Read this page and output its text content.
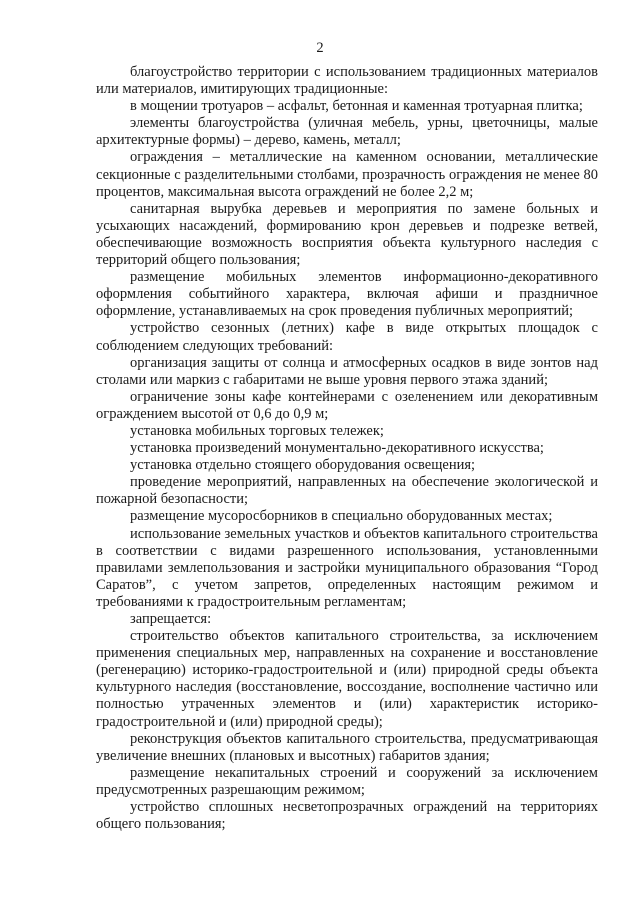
2

благоустройство территории с использованием традиционных материалов или материалов, имитирующих традиционные:

в мощении тротуаров – асфальт, бетонная и каменная тротуарная плитка;

элементы благоустройства (уличная мебель, урны, цветочницы, малые архитектурные формы) – дерево, камень, металл;

ограждения – металлические на каменном основании, металлические секционные с разделительными столбами, прозрачность ограждения не менее 80 процентов, максимальная высота ограждений не более 2,2 м;

санитарная вырубка деревьев и мероприятия по замене больных и усыхающих насаждений, формированию крон деревьев и подрезке ветвей, обеспечивающие возможность восприятия объекта культурного наследия с территорий общего пользования;

размещение мобильных элементов информационно-декоративного оформления событийного характера, включая афиши и праздничное оформление, устанавливаемых на срок проведения публичных мероприятий;

устройство сезонных (летних) кафе в виде открытых площадок с соблюдением следующих требований:

организация защиты от солнца и атмосферных осадков в виде зонтов над столами или маркиз с габаритами не выше уровня первого этажа зданий;

ограничение зоны кафе контейнерами с озеленением или декоративным ограждением высотой от 0,6 до 0,9 м;

установка мобильных торговых тележек;

установка произведений монументально-декоративного искусства;

установка отдельно стоящего оборудования освещения;

проведение мероприятий, направленных на обеспечение экологической и пожарной безопасности;

размещение мусоросборников в специально оборудованных местах;

использование земельных участков и объектов капитального строительства в соответствии с видами разрешенного использования, установленными правилами землепользования и застройки муниципального образования “Город Саратов”, с учетом запретов, определенных настоящим режимом и требованиями к градостроительным регламентам;

запрещается:

строительство объектов капитального строительства, за исключением применения специальных мер, направленных на сохранение и восстановление (регенерацию) историко-градостроительной и (или) природной среды объекта культурного наследия (восстановление, воссоздание, восполнение частично или полностью утраченных элементов и (или) характеристик историко-градостроительной и (или) природной среды);

реконструкция объектов капитального строительства, предусматривающая увеличение внешних (плановых и высотных) габаритов здания;

размещение некапитальных строений и сооружений за исключением предусмотренных разрешающим режимом;

устройство сплошных несветопрозрачных ограждений на территориях общего пользования;
